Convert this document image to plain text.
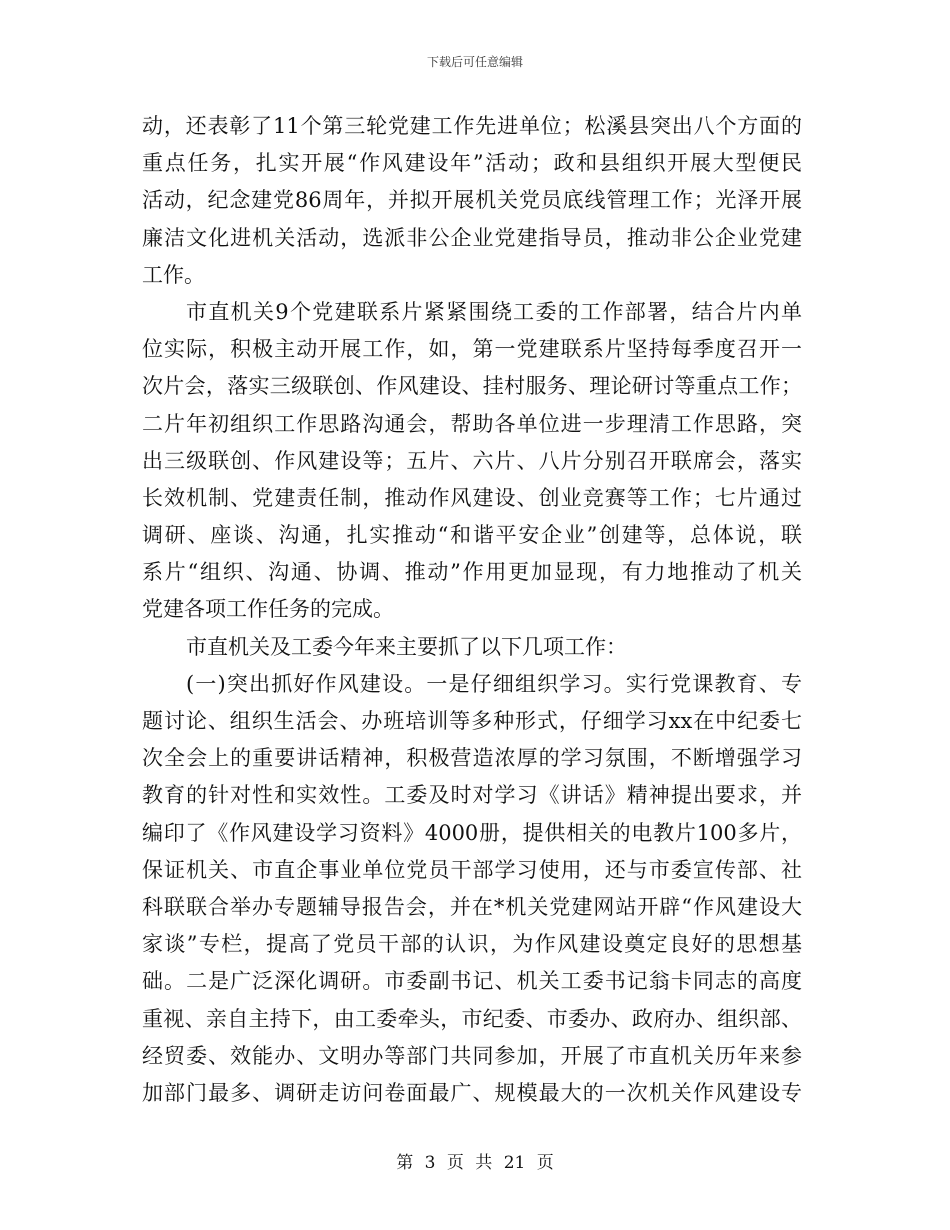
下载后可任意编辑
动，还表彰了11个第三轮党建工作先进单位；松溪县突出八个方面的
重点任务，扎实开展“作风建设年”活动；政和县组织开展大型便民
活动，纪念建党86周年，并拟开展机关党员底线管理工作；光泽开展
廉洁文化进机关活动，选派非公企业党建指导员，推动非公企业党建
工作。
市直机关9个党建联系片紧紧围绕工委的工作部署，结合片内单
位实际，积极主动开展工作，如，第一党建联系片坚持每季度召开一
次片会，落实三级联创、作风建设、挂村服务、理论研讨等重点工作；
二片年初组织工作思路沟通会，帮助各单位进一步理清工作思路，突
出三级联创、作风建设等；五片、六片、八片分别召开联席会，落实
长效机制、党建责任制，推动作风建设、创业竞赛等工作；七片通过
调研、座谈、沟通，扎实推动“和谐平安企业”创建等，总体说，联
系片“组织、沟通、协调、推动”作用更加显现，有力地推动了机关
党建各项工作任务的完成。
市直机关及工委今年来主要抓了以下几项工作：
(一)突出抓好作风建设。一是仔细组织学习。实行党课教育、专
题讨论、组织生活会、办班培训等多种形式，仔细学习xx在中纪委七
次全会上的重要讲话精神，积极营造浓厚的学习氛围，不断增强学习
教育的针对性和实效性。工委及时对学习《讲话》精神提出要求，并
编印了《作风建设学习资料》4000册，提供相关的电教片100多片，
保证机关、市直企事业单位党员干部学习使用，还与市委宣传部、社
科联联合举办专题辅导报告会，并在*机关党建网站开辟“作风建设大
家谈”专栏，提高了党员干部的认识，为作风建设奠定良好的思想基
础。二是广泛深化调研。市委副书记、机关工委书记翁卡同志的高度
重视、亲自主持下，由工委牵头，市纪委、市委办、政府办、组织部、
经贸委、效能办、文明办等部门共同参加，开展了市直机关历年来参
加部门最多、调研走访问卷面最广、规模最大的一次机关作风建设专
第 3 页 共 21 页
